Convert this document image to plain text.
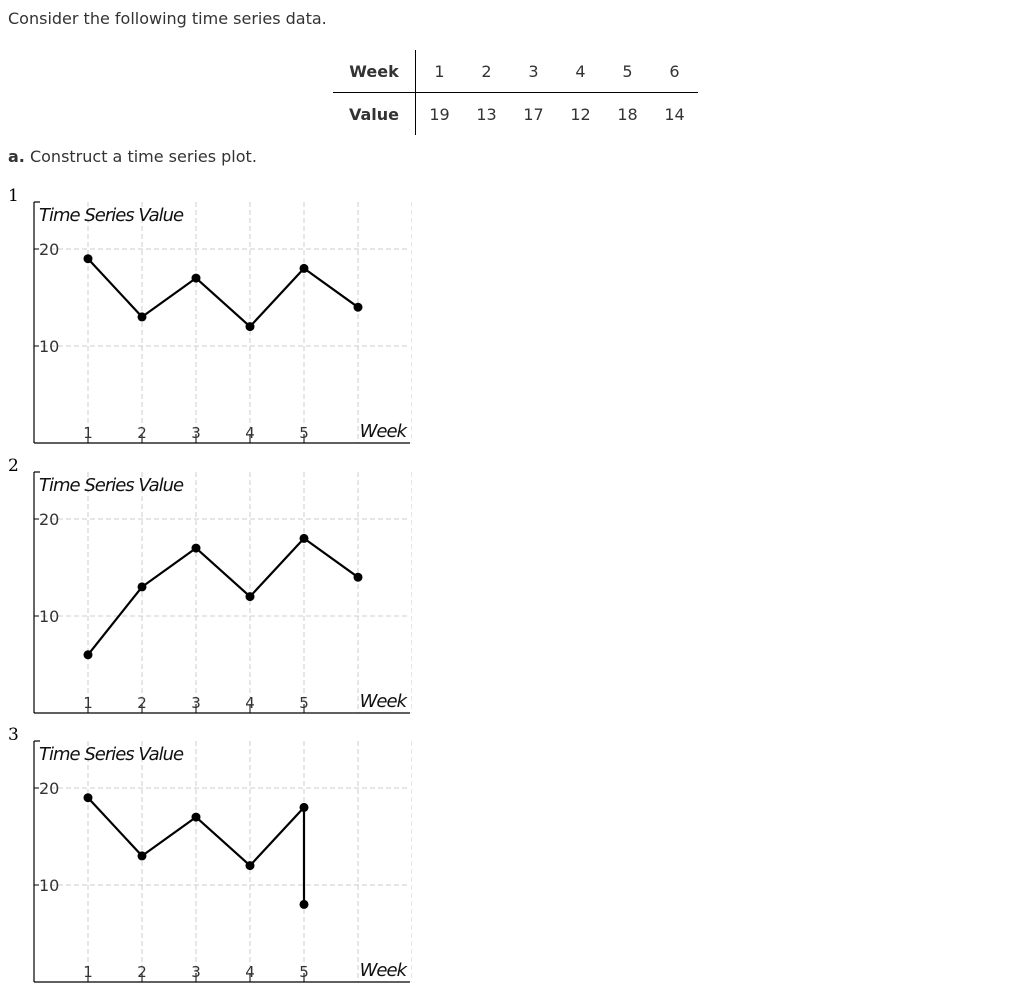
Consider the following time series data.

Week	1	2	3	4	5	6
Value	19	13	17	12	18	14

a. Construct a time series plot.

1
20
10
1	2	3	4	5
Time Series Value
Week
2
20
10
1	2	3	4	5
Time Series Value
Week
3
20
10
1	2	3	4	5
Time Series Value
Week
